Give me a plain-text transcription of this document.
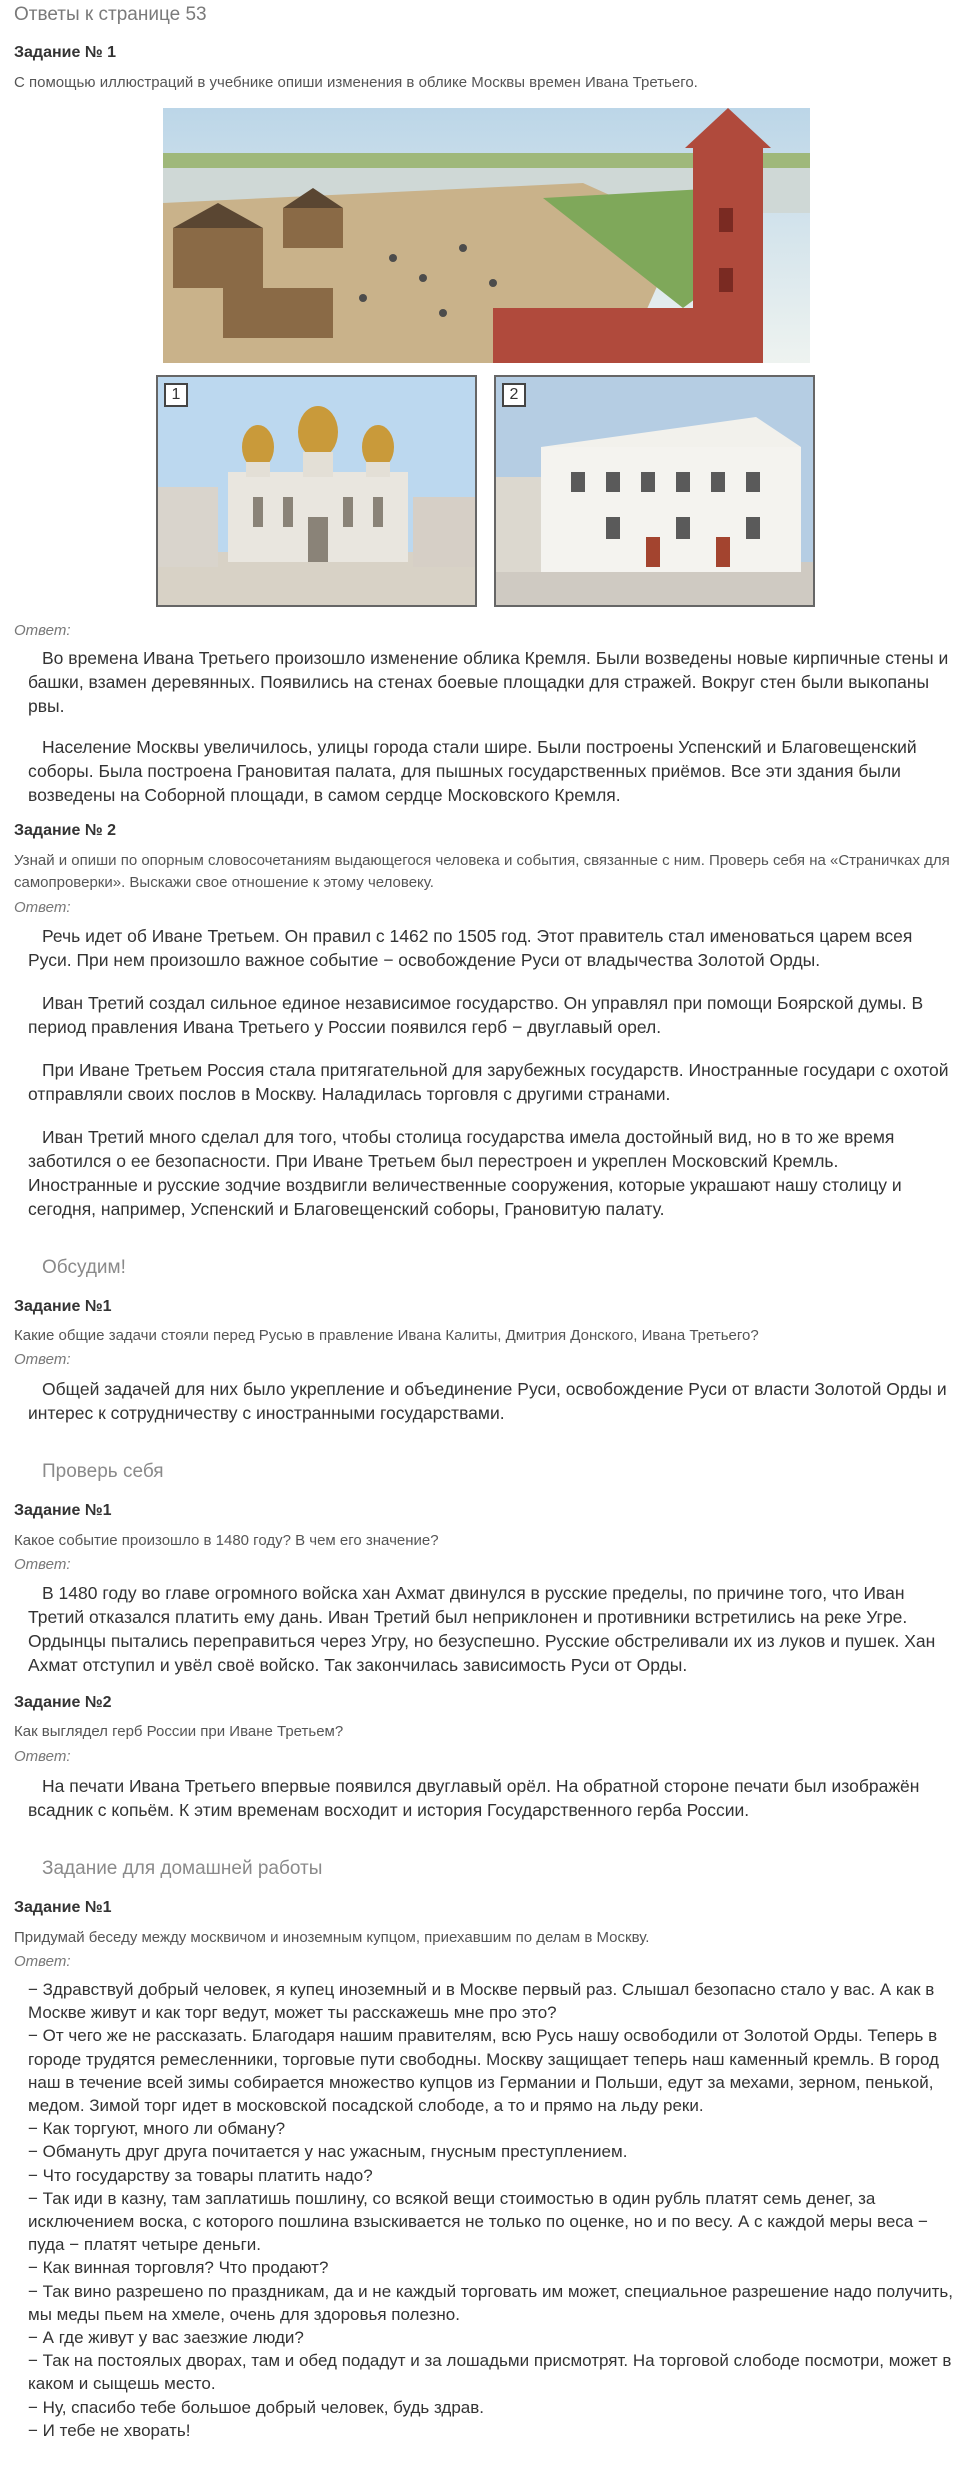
Ответы к странице 53
Задание № 1
С помощью иллюстраций в учебнике опиши изменения в облике Москвы времен Ивана Третьего.
1	2
Ответ:
Во времена Ивана Третьего произошло изменение облика Кремля. Были возведены новые кирпичные стены и башки, взамен деревянных. Появились на стенах боевые площадки для стражей. Вокруг стен были выкопаны рвы.
Население Москвы увеличилось, улицы города стали шире. Были построены Успенский и Благовещенский соборы. Была построена Грановитая палата, для пышных государственных приёмов. Все эти здания были возведены на Соборной площади, в самом сердце Московского Кремля.
Задание № 2
Узнай и опиши по опорным словосочетаниям выдающегося человека и события, связанные с ним. Проверь себя на «Страничках для самопроверки». Выскажи свое отношение к этому человеку.
Ответ:
Речь идет об Иване Третьем. Он правил с 1462 по 1505 год. Этот правитель стал именоваться царем всея Руси. При нем произошло важное событие − освобождение Руси от владычества Золотой Орды.
Иван Третий создал сильное единое независимое государство. Он управлял при помощи Боярской думы. В период правления Ивана Третьего у России появился герб − двуглавый орел.
При Иване Третьем Россия стала притягательной для зарубежных государств. Иностранные государи с охотой отправляли своих послов в Москву. Наладилась торговля с другими странами.
Иван Третий много сделал для того, чтобы столица государства имела достойный вид, но в то же время заботился о ее безопасности. При Иване Третьем был перестроен и укреплен Московский Кремль. Иностранные и русские зодчие воздвигли величественные сооружения, которые украшают нашу столицу и сегодня, например, Успенский и Благовещенский соборы, Грановитую палату.
Обсудим!
Задание №1
Какие общие задачи стояли перед Русью в правление Ивана Калиты, Дмитрия Донского, Ивана Третьего?
Ответ:
Общей задачей для них было укрепление и объединение Руси, освобождение Руси от власти Золотой Орды и интерес к сотрудничеству с иностранными государствами.
Проверь себя
Задание №1
Какое событие произошло в 1480 году? В чем его значение?
Ответ:
В 1480 году во главе огромного войска хан Ахмат двинулся в русские пределы, по причине того, что Иван Третий отказался платить ему дань. Иван Третий был неприклонен и противники встретились на реке Угре. Ордынцы пытались переправиться через Угру, но безуспешно. Русские обстреливали их из луков и пушек. Хан Ахмат отступил и увёл своё войско. Так закончилась зависимость Руси от Орды.
Задание №2
Как выглядел герб России при Иване Третьем?
Ответ:
На печати Ивана Третьего впервые появился двуглавый орёл. На обратной стороне печати был изображён всадник с копьём. К этим временам восходит и история Государственного герба России.
Задание для домашней работы
Задание №1
Придумай беседу между москвичом и иноземным купцом, приехавшим по делам в Москву.
Ответ:
− Здравствуй добрый человек, я купец иноземный и в Москве первый раз. Слышал безопасно стало у вас. А как в Москве живут и как торг ведут, может ты расскажешь мне про это?
− От чего же не рассказать. Благодаря нашим правителям, всю Русь нашу освободили от Золотой Орды. Теперь в городе трудятся ремесленники, торговые пути свободны. Москву защищает теперь наш каменный кремль. В город наш в течение всей зимы собирается множество купцов из Германии и Польши, едут за мехами, зерном, пенькой, медом. Зимой торг идет в московской посадской слободе, а то и прямо на льду реки.
− Как торгуют, много ли обману?
− Обмануть друг друга почитается у нас ужасным, гнусным преступлением.
− Что государству за товары платить надо?
− Так иди в казну, там заплатишь пошлину, со всякой вещи стоимостью в один рубль платят семь денег, за исключением воска, с которого пошлина взыскивается не только по оценке, но и по весу. А с каждой меры веса − пуда − платят четыре деньги.
− Как винная торговля? Что продают?
− Так вино разрешено по праздникам, да и не каждый торговать им может, специальное разрешение надо получить, мы меды пьем на хмеле, очень для здоровья полезно.
− А где живут у вас заезжие люди?
− Так на постоялых дворах, там и обед подадут и за лошадьми присмотрят. На торговой слободе посмотри, может в каком и сыщешь место.
− Ну, спасибо тебе большое добрый человек, будь здрав.
− И тебе не хворать!
